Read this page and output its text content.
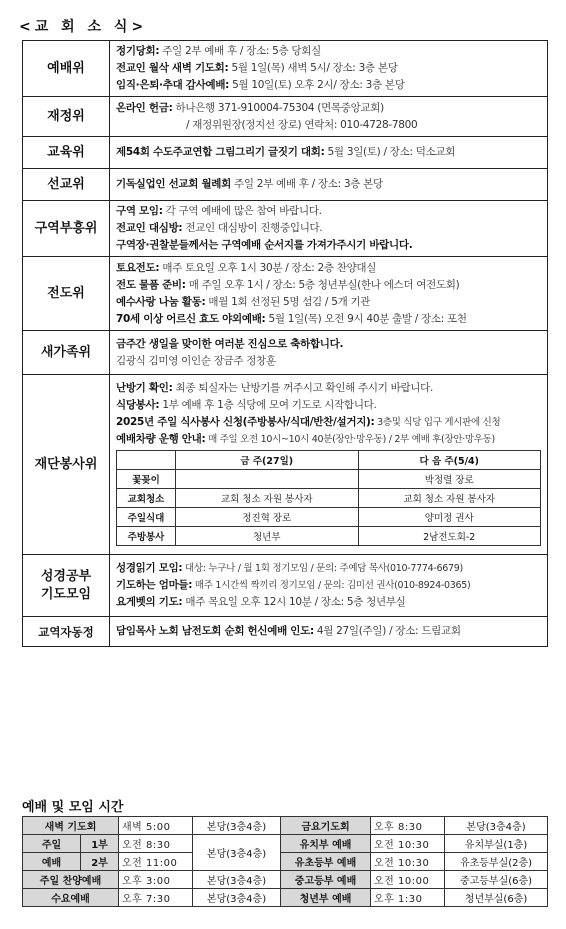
<교 회 소 식>
예배위	
정기당회: 주일 2부 예배 후 / 장소: 5층 당회실
전교인 월삭 새벽 기도회: 5월 1일(목) 새벽 5시/ 장소: 3층 본당
임직·은퇴·추대 감사예배: 5월 10일(토) 오후 2시/ 장소: 3층 본당

재정위	
온라인 헌금: 하나은행 371-910004-75304 (면목중앙교회)
/ 재정위원장(정지선 장로) 연락처: 010-4728-7800

교육위	제54회 수도주교연합 그림그리기 글짓기 대회: 5월 3일(토) / 장소: 덕소교회

선교위	기독실업인 선교회 월례회 주일 2부 예배 후 / 장소: 3층 본당

구역부흥위	
구역 모임: 각 구역 예배에 많은 참여 바랍니다.
전교인 대심방: 전교인 대심방이 진행중입니다.
구역장·권찰분들께서는 구역예배 순서지를 가져가주시기 바랍니다.

전도위	
토요전도: 매주 토요일 오후 1시 30분 / 장소: 2층 찬양대실
전도 물품 준비: 매 주일 오후 1시 / 장소: 5층 청년부실(한나 에스더 여전도회)
예수사랑 나눔 활동: 매월 1회 선정된 5명 섬김 / 5개 기관
70세 이상 어르신 효도 야외예배: 5월 1일(목) 오전 9시 40분 출발 / 장소: 포천

새가족위	
금주간 생일을 맞이한 여러분 진심으로 축하합니다.
김광식 김미영 이인순 장금주 정창훈

재단봉사위	
난방기 확인: 최종 퇴실자는 난방기를 꺼주시고 확인해 주시기 바랍니다.
식당봉사: 1부 예배 후 1층 식당에 모여 기도로 시작합니다.
2025년 주일 식사봉사 신청(주방봉사/식대/반찬/설거지): 3층및 식당 입구 게시판에 신청
예배차량 운행 안내: 매 주일 오전 10시~10시 40분(장안·망우동) / 2부 예배 후(장안·망우동)
	금 주(27일)	다 음 주(5/4)
꽃꽂이		박정렬 장로
교회청소	교회 청소 자원 봉사자	교회 청소 자원 봉사자
주일식대	정진혁 장로	양미정 권사
주방봉사	청년부	2남전도회-2

성경공부
기도모임

성경읽기 모임: 대상: 누구나 / 월 1회 정기모임 / 문의: 주예담 목사(010-7774-6679)
기도하는 엄마들: 매주 1시간씩 짝끼리 정기모임 / 문의: 김미선 권사(010-8924-0365)
요게벳의 기도: 매주 목요일 오후 12시 10분 / 장소: 5층 청년부실

교역자동정	담임목사 노회 남전도회 순회 헌신예배 인도: 4월 27일(주일) / 장소: 드림교회
예배 및 모임 시간
새벽 기도회		새벽 5:00	본당(3층4층)	금요기도회	오후 8:30	본당(3층4층)
주일	1부	오전 8:30	본당(3층4층)	유치부 예배	오전 10:30	유치부실(1층)
예배	2부	오전 11:00		유초등부 예배	오전 10:30	유초등부실(2층)
주일 찬양예배		오후 3:00	본당(3층4층)	중고등부 예배	오전 10:00	중고등부실(6층)
수요예배		오후 7:30	본당(3층4층)	청년부 예배	오후 1:30	청년부실(6층)
